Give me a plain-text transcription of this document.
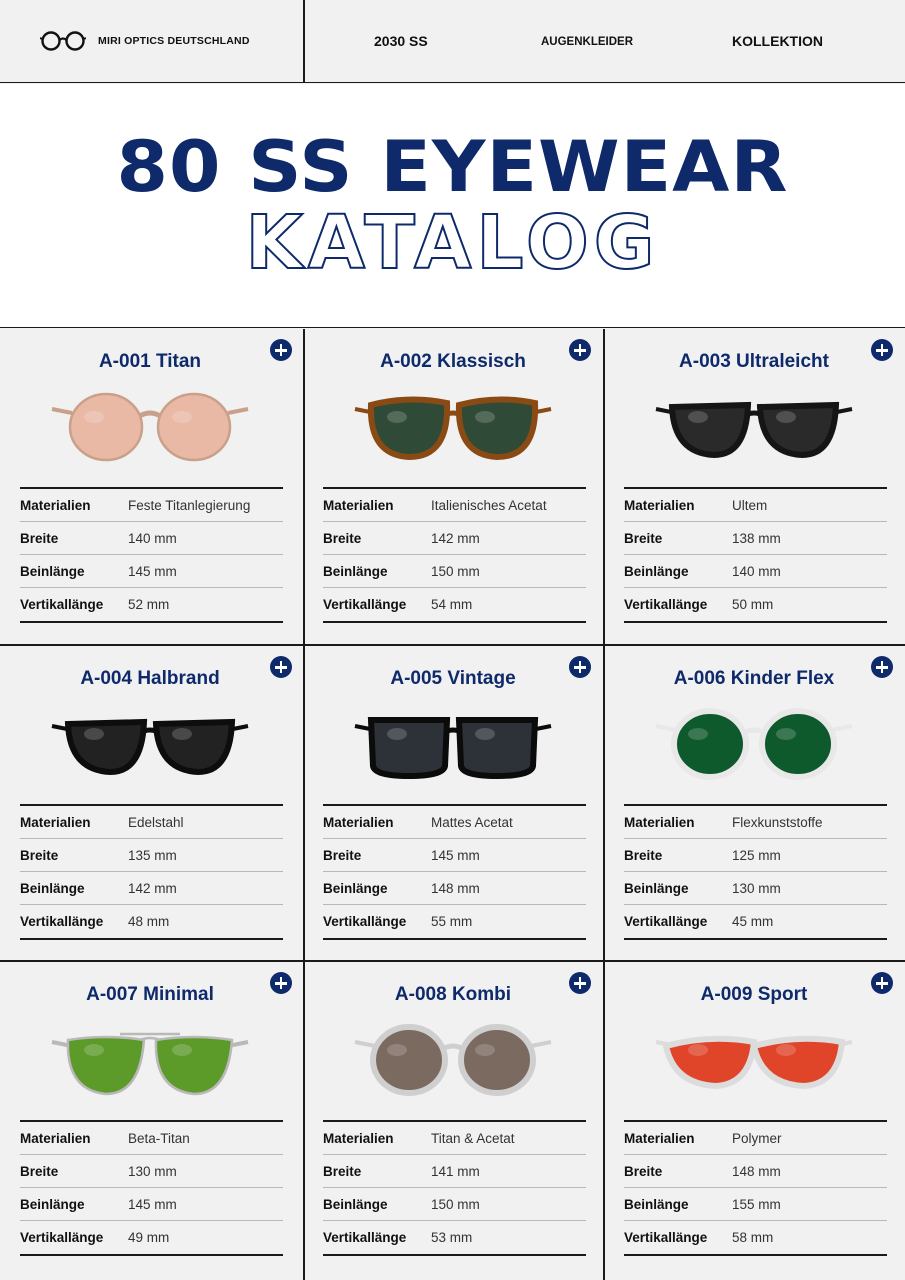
MIRI OPTICS DEUTSCHLAND	2030 SS	AUGENKLEIDER	KOLLEKTION
80 SS EYEWEAR
KATALOG
A-001 Titan
Materialien	Feste Titanlegierung
Breite	140 mm
Beinlänge	145 mm
Vertikallänge	52 mm
A-002 Klassisch
Materialien	Italienisches Acetat
Breite	142 mm
Beinlänge	150 mm
Vertikallänge	54 mm
A-003 Ultraleicht
Materialien	Ultem
Breite	138 mm
Beinlänge	140 mm
Vertikallänge	50 mm
A-004 Halbrand
Materialien	Edelstahl
Breite	135 mm
Beinlänge	142 mm
Vertikallänge	48 mm
A-005 Vintage
Materialien	Mattes Acetat
Breite	145 mm
Beinlänge	148 mm
Vertikallänge	55 mm
A-006 Kinder Flex
Materialien	Flexkunststoffe
Breite	125 mm
Beinlänge	130 mm
Vertikallänge	45 mm
A-007 Minimal
Materialien	Beta-Titan
Breite	130 mm
Beinlänge	145 mm
Vertikallänge	49 mm
A-008 Kombi
Materialien	Titan & Acetat
Breite	141 mm
Beinlänge	150 mm
Vertikallänge	53 mm
A-009 Sport
Materialien	Polymer
Breite	148 mm
Beinlänge	155 mm
Vertikallänge	58 mm
